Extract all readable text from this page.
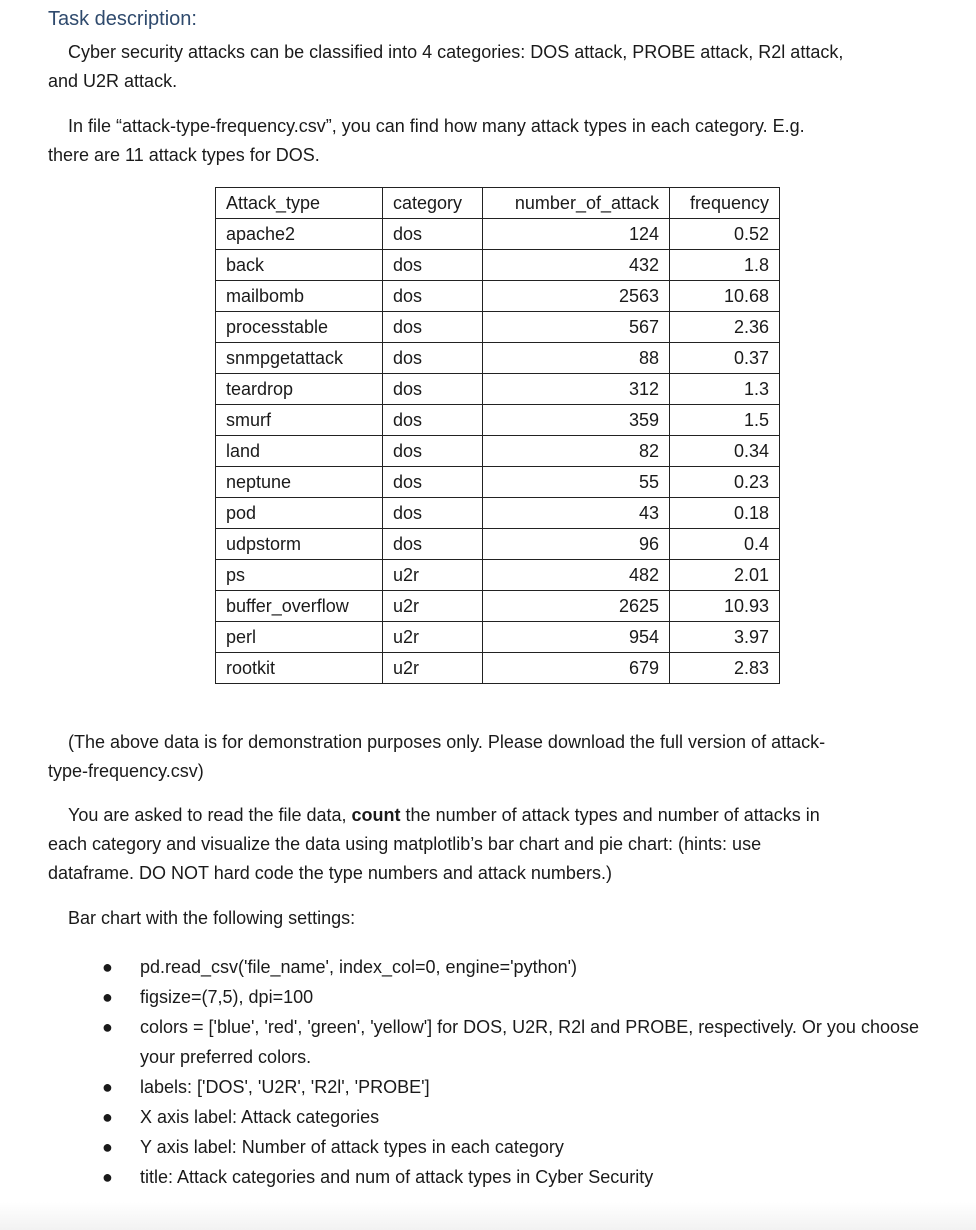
Task description:

Cyber security attacks can be classified into 4 categories: DOS attack, PROBE attack, R2l attack,
and U2R attack.

In file “attack-type-frequency.csv”, you can find how many attack types in each category. E.g.
there are 11 attack types for DOS.

Attack_type	category	number_of_attack	frequency
apache2	dos	124	0.52
back	dos	432	1.8
mailbomb	dos	2563	10.68
processtable	dos	567	2.36
snmpgetattack	dos	88	0.37
teardrop	dos	312	1.3
smurf	dos	359	1.5
land	dos	82	0.34
neptune	dos	55	0.23
pod	dos	43	0.18
udpstorm	dos	96	0.4
ps	u2r	482	2.01
buffer_overflow	u2r	2625	10.93
perl	u2r	954	3.97
rootkit	u2r	679	2.83

(The above data is for demonstration purposes only. Please download the full version of attack-
type-frequency.csv)

You are asked to read the file data, count the number of attack types and number of attacks in
each category and visualize the data using matplotlib’s bar chart and pie chart: (hints: use
dataframe. DO NOT hard code the type numbers and attack numbers.)

Bar chart with the following settings:

● pd.read_csv('file_name', index_col=0, engine='python')
● figsize=(7,5), dpi=100
● colors = ['blue', 'red', 'green', 'yellow'] for DOS, U2R, R2l and PROBE, respectively. Or you choose your preferred colors.
● labels: ['DOS', 'U2R', 'R2l', 'PROBE']
● X axis label: Attack categories
● Y axis label: Number of attack types in each category
● title: Attack categories and num of attack types in Cyber Security
